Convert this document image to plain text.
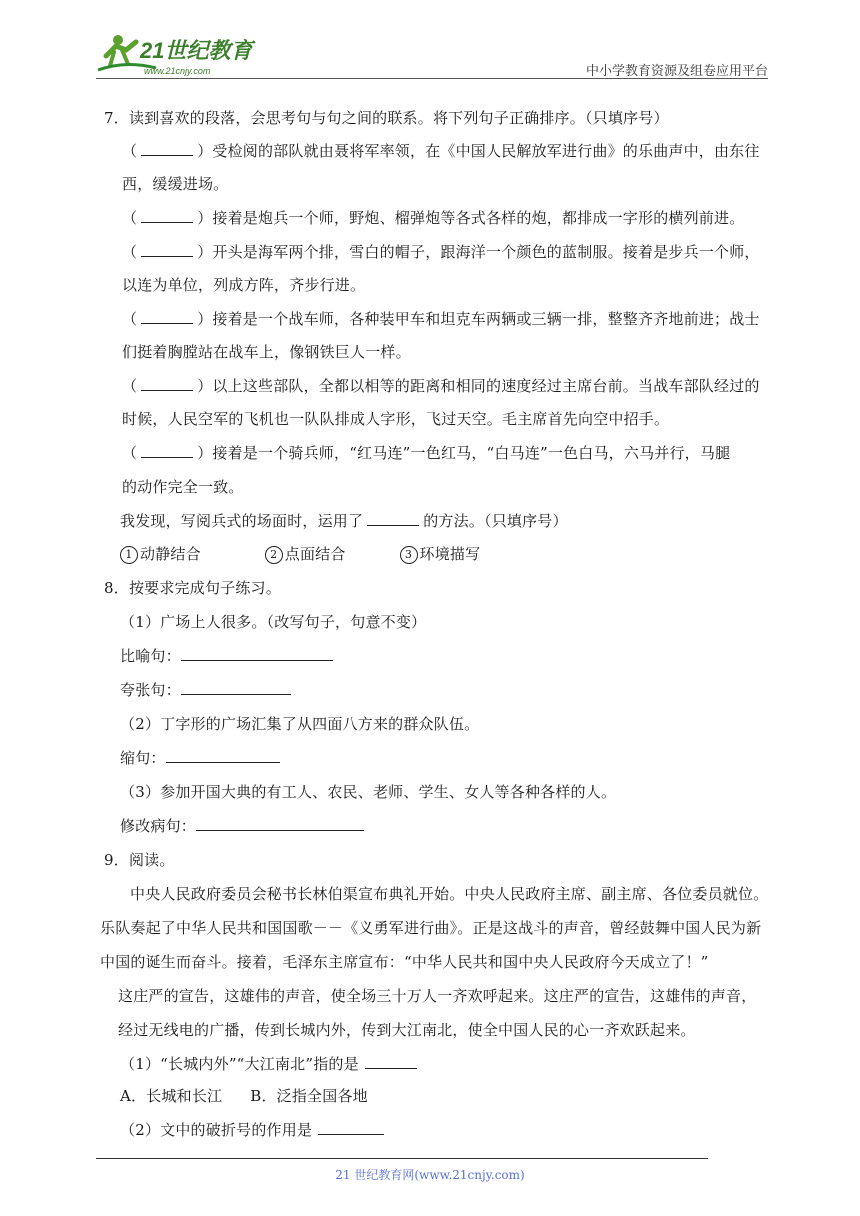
21世纪教育
www.21cnjy.com	中小学教育资源及组卷应用平台
7．读到喜欢的段落，会思考句与句之间的联系。将下列句子正确排序。（只填序号）
（	）受检阅的部队就由聂将军率领，在《中国人民解放军进行曲》的乐曲声中，由东往
西，缓缓进场。
（	）接着是炮兵一个师，野炮、榴弹炮等各式各样的炮，都排成一字形的横列前进。
（	）开头是海军两个排，雪白的帽子，跟海洋一个颜色的蓝制服。接着是步兵一个师，
以连为单位，列成方阵，齐步行进。
（	）接着是一个战车师，各种装甲车和坦克车两辆或三辆一排，整整齐齐地前进；战士
们挺着胸膛站在战车上，像钢铁巨人一样。
（	）以上这些部队，全都以相等的距离和相同的速度经过主席台前。当战车部队经过的
时候，人民空军的飞机也一队队排成人字形，飞过天空。毛主席首先向空中招手。
（	）接着是一个骑兵师，“红马连”一色红马，“白马连”一色白马，六马并行，马腿
的动作完全一致。
我发现，写阅兵式的场面时，运用了	的方法。（只填序号）
1 动静结合	2 点面结合	3 环境描写
8．按要求完成句子练习。
（1）广场上人很多。（改写句子，句意不变）
比喻句：
夸张句：
（2）丁字形的广场汇集了从四面八方来的群众队伍。
缩句：
（3）参加开国大典的有工人、农民、老师、学生、女人等各种各样的人。
修改病句：
9．阅读。
中央人民政府委员会秘书长林伯渠宣布典礼开始。中央人民政府主席、副主席、各位委员就位。
乐队奏起了中华人民共和国国歌－－《义勇军进行曲》。正是这战斗的声音，曾经鼓舞中国人民为新
中国的诞生而奋斗。接着，毛泽东主席宣布：“中华人民共和国中央人民政府今天成立了！”
这庄严的宣告，这雄伟的声音，使全场三十万人一齐欢呼起来。这庄严的宣告，这雄伟的声音，
经过无线电的广播，传到长城内外，传到大江南北，使全中国人民的心一齐欢跃起来。
（1）“长城内外”“大江南北”指的是
A．长城和长江 B．泛指全国各地
（2）文中的破折号的作用是
21 世纪教育网(www.21cnjy.com)
